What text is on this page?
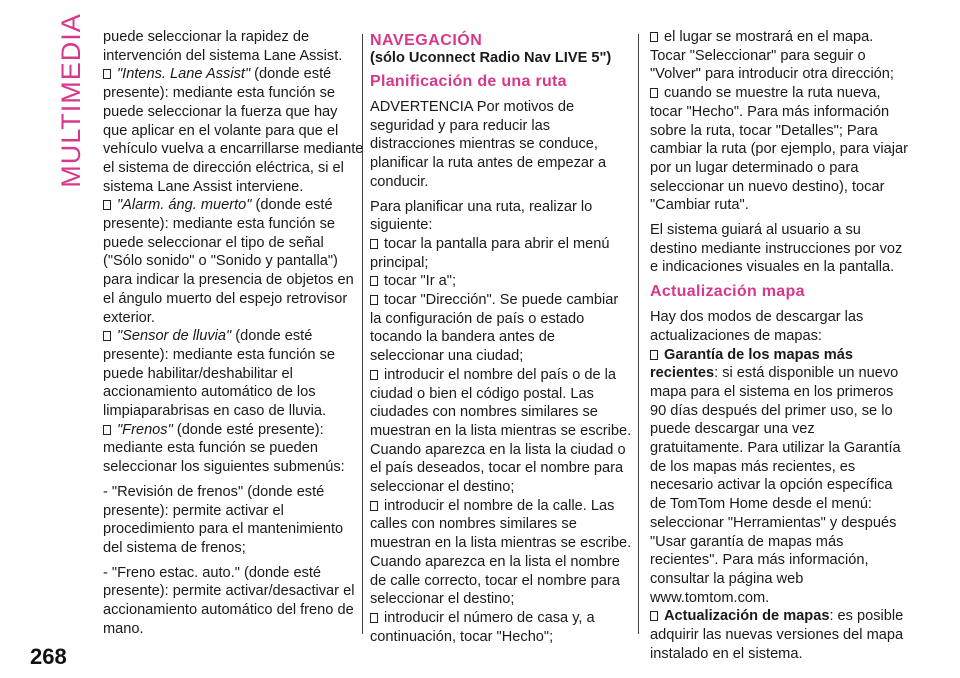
MULTIMEDIA puede seleccionar la rapidez de intervención del sistema Lane Assist.
"Intens. Lane Assist" (donde esté presente): mediante esta función se puede seleccionar la fuerza que hay que aplicar en el volante para que el vehículo vuelva a encarrillarse mediante el sistema de dirección eléctrica, si el sistema Lane Assist interviene.
"Alarm. áng. muerto" (donde esté presente): mediante esta función se puede seleccionar el tipo de señal ("Sólo sonido" o "Sonido y pantalla") para indicar la presencia de objetos en el ángulo muerto del espejo retrovisor exterior.
"Sensor de lluvia" (donde esté presente): mediante esta función se puede habilitar/deshabilitar el accionamiento automático de los limpiaparabrisas en caso de lluvia.
"Frenos" (donde esté presente): mediante esta función se pueden seleccionar los siguientes submenús:

- "Revisión de frenos" (donde esté presente): permite activar el procedimiento para el mantenimiento del sistema de frenos;

- "Freno estac. auto." (donde esté presente): permite activar/desactivar el accionamiento automático del freno de mano.

NAVEGACIÓN
(sólo Uconnect Radio Nav LIVE 5")
Planificación de una ruta

ADVERTENCIA Por motivos de seguridad y para reducir las distracciones mientras se conduce, planificar la ruta antes de empezar a conducir.

Para planificar una ruta, realizar lo siguiente:
tocar la pantalla para abrir el menú principal;
tocar "Ir a";
tocar "Dirección". Se puede cambiar la configuración de país o estado tocando la bandera antes de seleccionar una ciudad;
introducir el nombre del país o de la ciudad o bien el código postal. Las ciudades con nombres similares se muestran en la lista mientras se escribe. Cuando aparezca en la lista la ciudad o el país deseados, tocar el nombre para seleccionar el destino;
introducir el nombre de la calle. Las calles con nombres similares se muestran en la lista mientras se escribe. Cuando aparezca en la lista el nombre de calle correcto, tocar el nombre para seleccionar el destino;
introducir el número de casa y, a continuación, tocar "Hecho";
el lugar se mostrará en el mapa. Tocar "Seleccionar" para seguir o "Volver" para introducir otra dirección;
cuando se muestre la ruta nueva, tocar "Hecho". Para más información sobre la ruta, tocar "Detalles"; Para cambiar la ruta (por ejemplo, para viajar por un lugar determinado o para seleccionar un nuevo destino), tocar "Cambiar ruta".

El sistema guiará al usuario a su destino mediante instrucciones por voz e indicaciones visuales en la pantalla.

Actualización mapa
Hay dos modos de descargar las actualizaciones de mapas:
Garantía de los mapas más recientes: si está disponible un nuevo mapa para el sistema en los primeros 90 días después del primer uso, se lo puede descargar una vez gratuitamente. Para utilizar la Garantía de los mapas más recientes, es necesario activar la opción específica de TomTom Home desde el menú: seleccionar "Herramientas" y después "Usar garantía de mapas más recientes". Para más información, consultar la página web www.tomtom.com.
Actualización de mapas: es posible adquirir las nuevas versiones del mapa instalado en el sistema.
268
